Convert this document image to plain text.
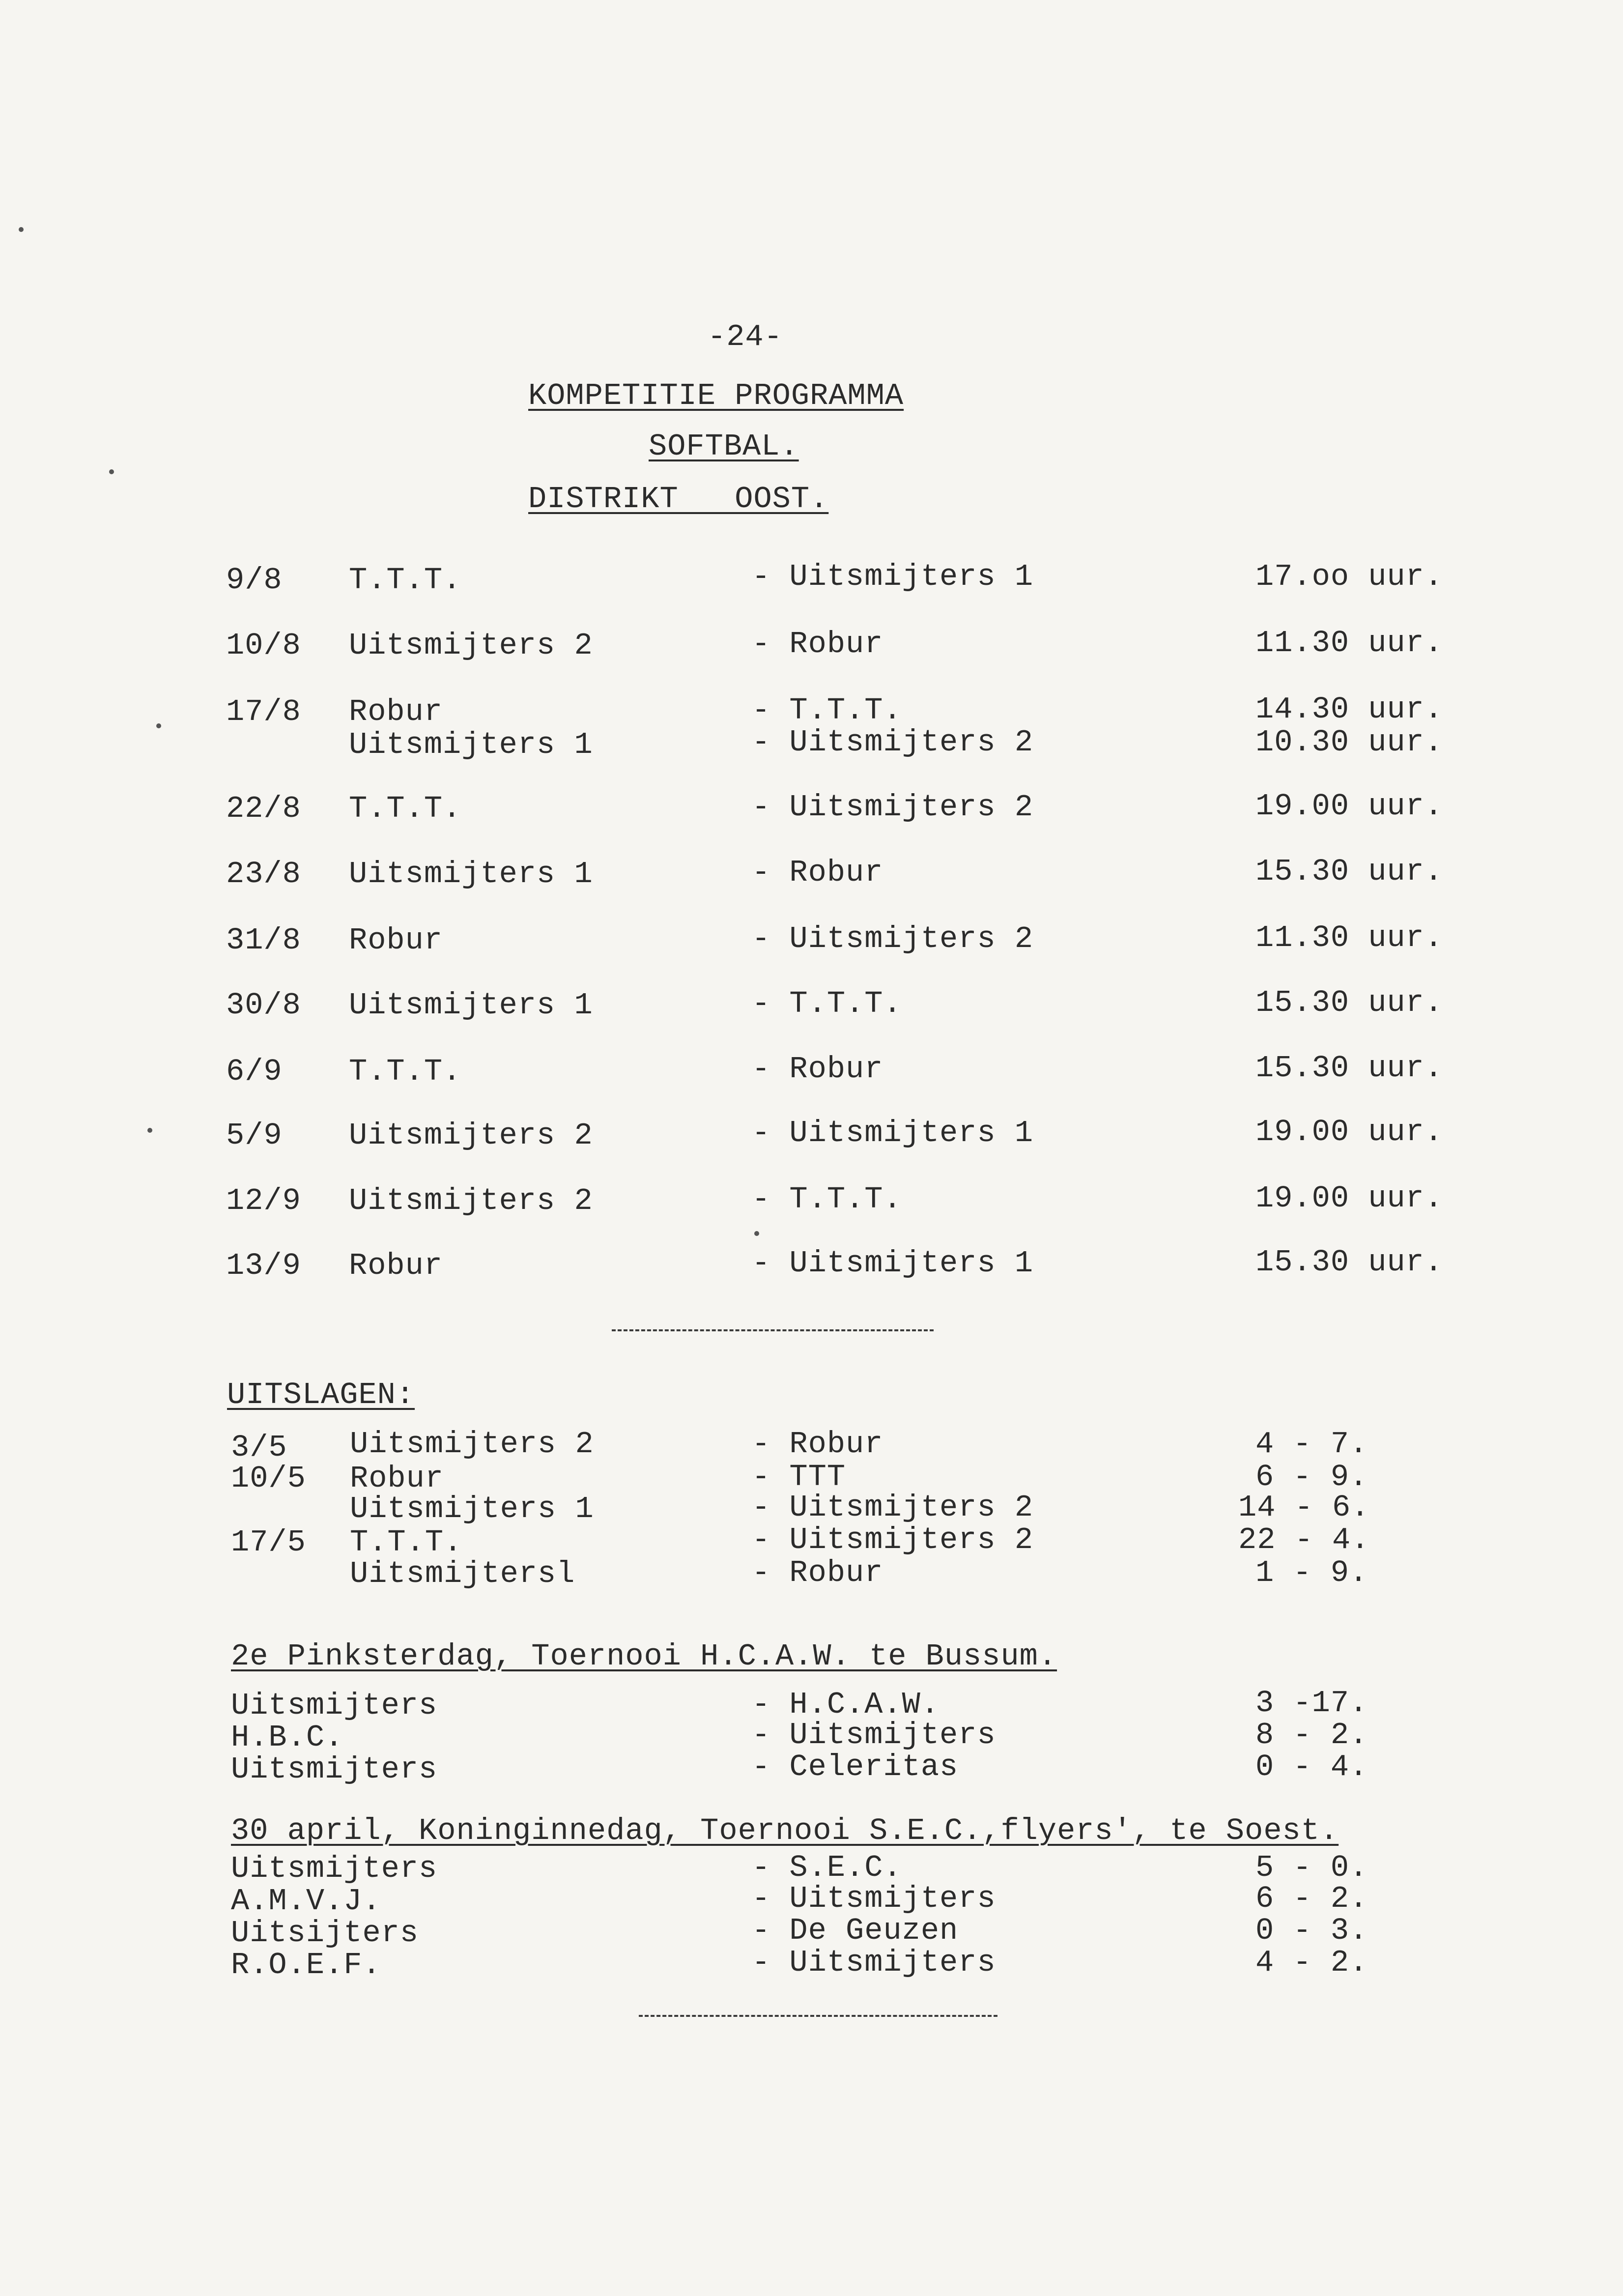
-24-
KOMPETITIE PROGRAMMA
SOFTBAL.
DISTRIKT   OOST.
9/8 T.T.T.	- Uitsmijters 1	17.oo uur.
10/8 Uitsmijters 2	- Robur	11.30 uur.
17/8 Robur	- T.T.T.	14.30 uur.
Uitsmijters 1	- Uitsmijters 2	10.30 uur.
22/8 T.T.T.	- Uitsmijters 2	19.00 uur.
23/8 Uitsmijters 1	- Robur	15.30 uur.
31/8 Robur	- Uitsmijters 2	11.30 uur.
30/8 Uitsmijters 1	- T.T.T.	15.30 uur.
6/9 T.T.T.	- Robur	15.30 uur.
5/9 Uitsmijters 2	- Uitsmijters 1	19.00 uur.
12/9 Uitsmijters 2	- T.T.T.	19.00 uur.
13/9 Robur	- Uitsmijters 1	15.30 uur.
UITSLAGEN:
3/5 Uitsmijters 2	- Robur	4 - 7.
10/5 Robur	- TTT	6 - 9.
Uitsmijters 1	- Uitsmijters 2	14 - 6.
17/5 T.T.T.	- Uitsmijters 2	22 - 4.
Uitsmijtersl	- Robur	1 - 9.
2e Pinksterdag, Toernooi H.C.A.W. te Bussum.
Uitsmijters	- H.C.A.W.	3 -17.
H.B.C.	- Uitsmijters	8 - 2.
Uitsmijters	- Celeritas	0 - 4.
30 april, Koninginnedag, Toernooi S.E.C.,flyers', te Soest.
Uitsmijters	- S.E.C.	5 - 0.
A.M.V.J.	- Uitsmijters	6 - 2.
Uitsijters	- De Geuzen	0 - 3.
R.O.E.F.	- Uitsmijters	4 - 2.
